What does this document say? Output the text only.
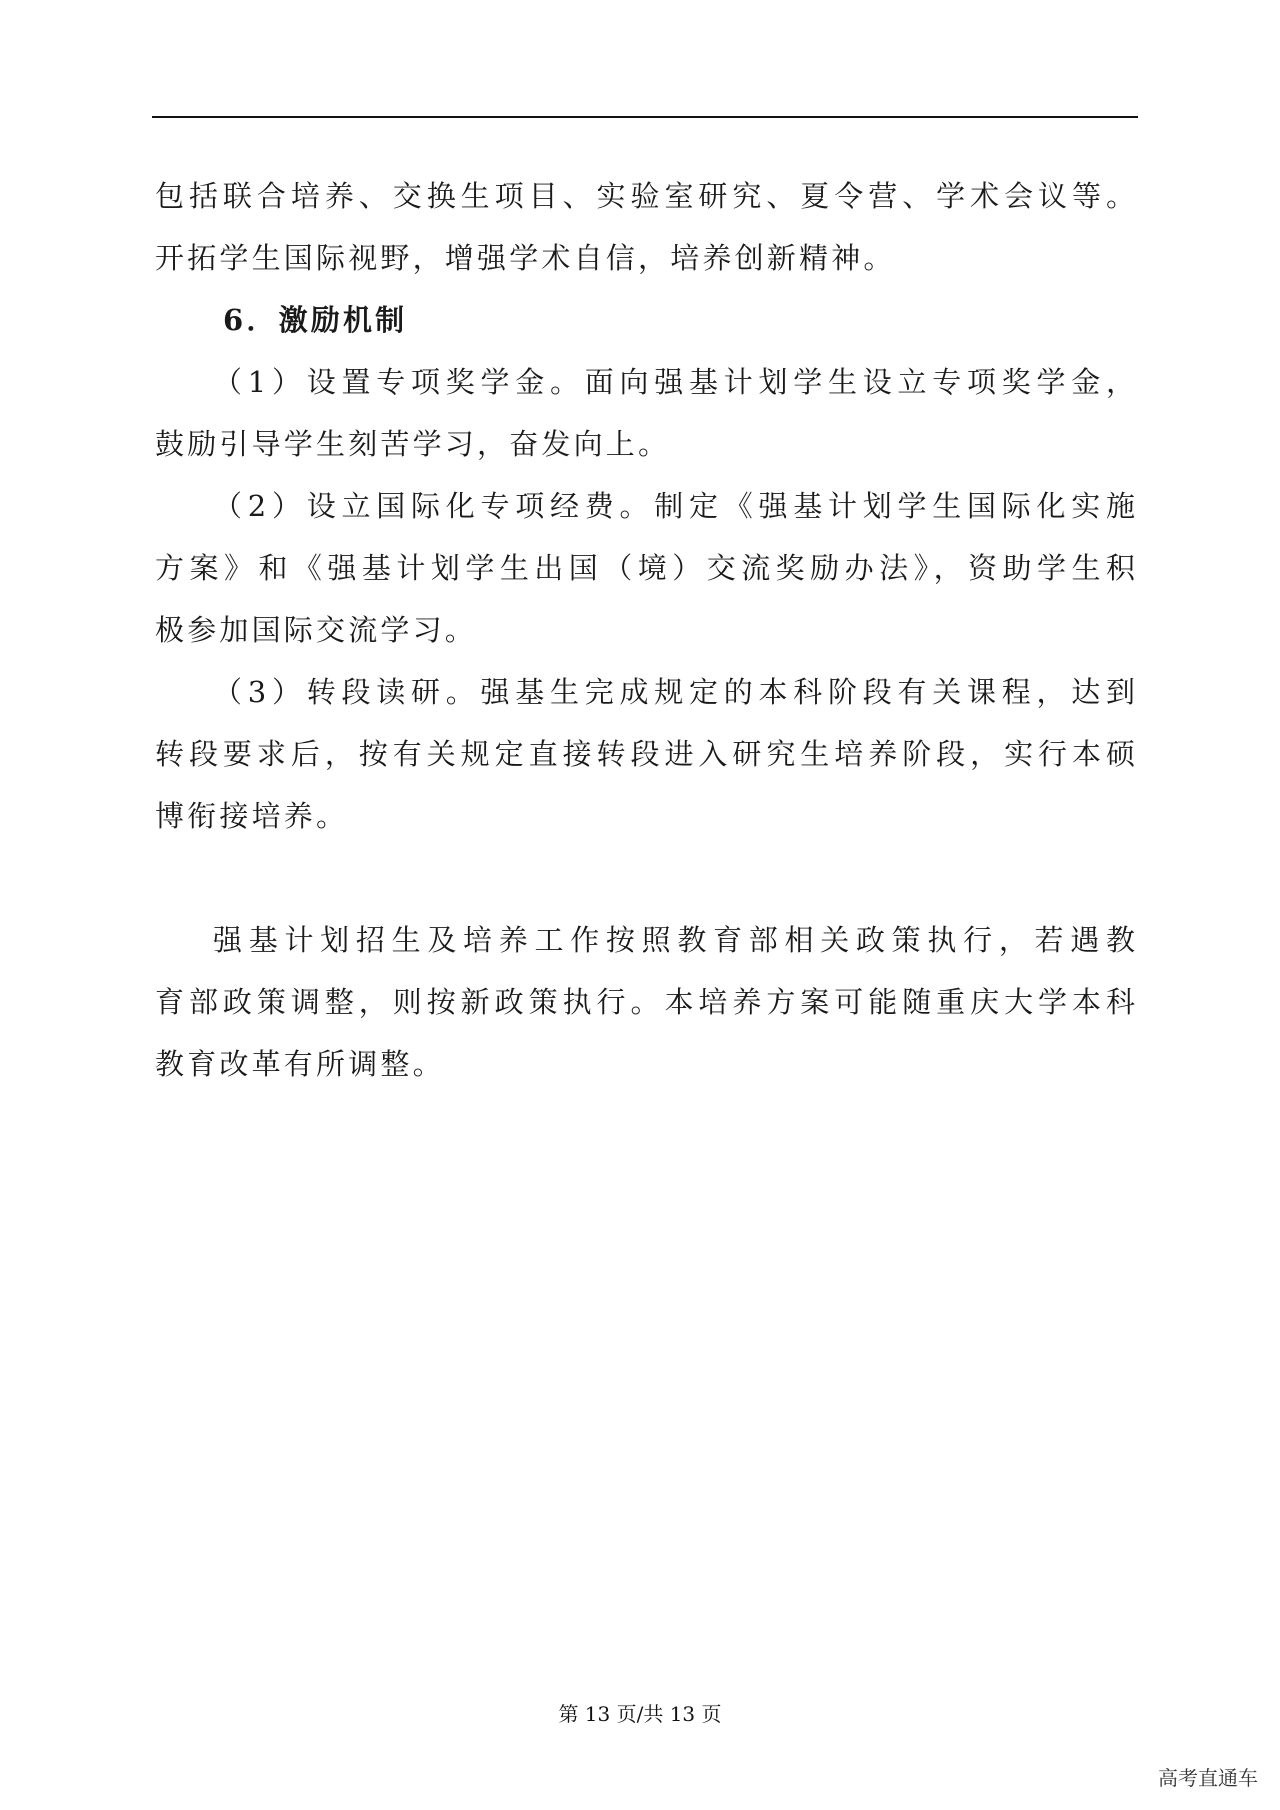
包括联合培养、交换生项目、实验室研究、夏令营、学术会议等。
开拓学生国际视野，增强学术自信，培养创新精神。
6．激励机制
（1）设置专项奖学金。面向强基计划学生设立专项奖学金，
鼓励引导学生刻苦学习，奋发向上。
（2）设立国际化专项经费。制定《强基计划学生国际化实施
方案》和《强基计划学生出国（境）交流奖励办法》，资助学生积
极参加国际交流学习。
（3）转段读研。强基生完成规定的本科阶段有关课程，达到
转段要求后，按有关规定直接转段进入研究生培养阶段，实行本硕
博衔接培养。
强基计划招生及培养工作按照教育部相关政策执行，若遇教
育部政策调整，则按新政策执行。本培养方案可能随重庆大学本科
教育改革有所调整。
第 13 页/共 13 页
高考直通车
